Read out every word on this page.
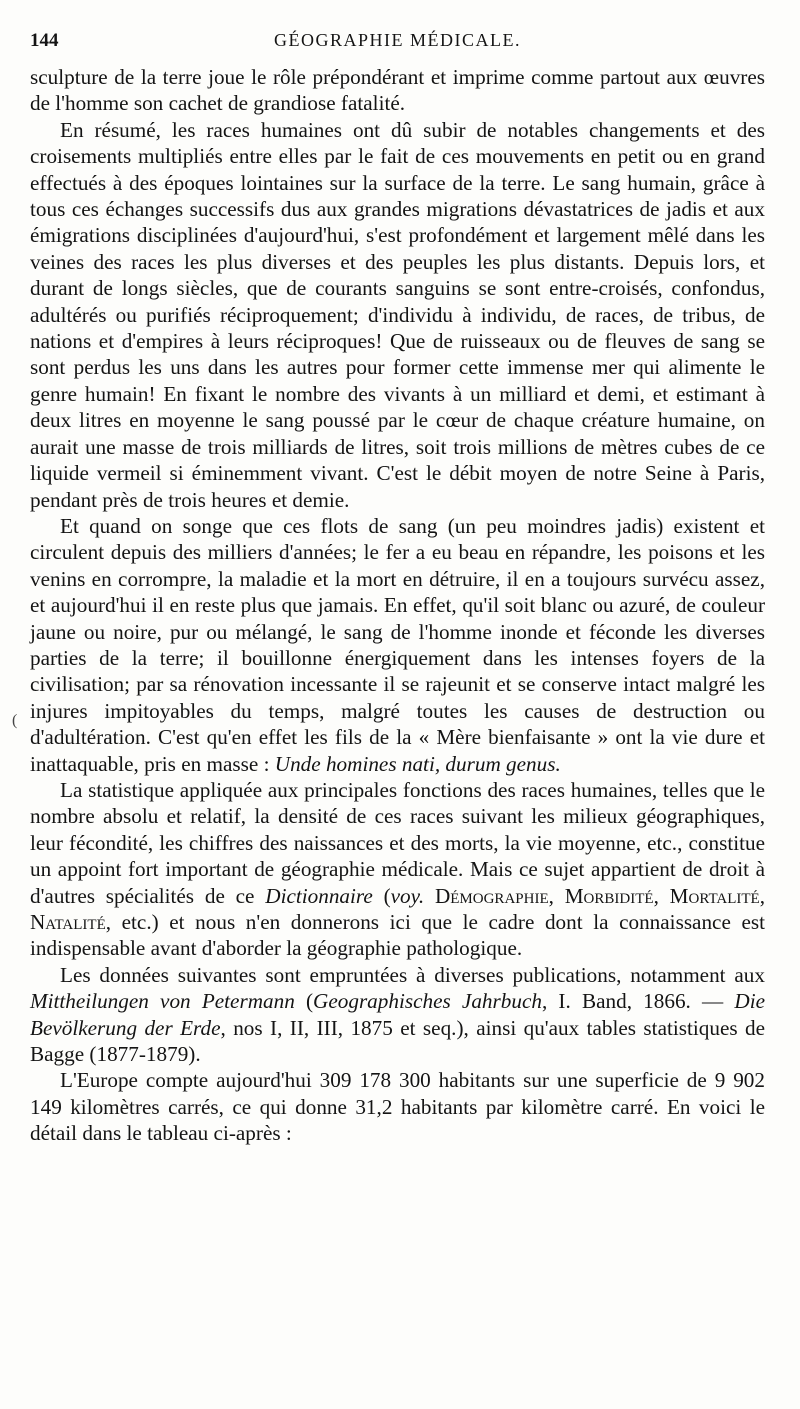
144	GÉOGRAPHIE MÉDICALE.

sculpture de la terre joue le rôle prépondérant et imprime comme partout aux œuvres de l'homme son cachet de grandiose fatalité.

En résumé, les races humaines ont dû subir de notables changements et des croisements multipliés entre elles par le fait de ces mouvements en petit ou en grand effectués à des époques lointaines sur la surface de la terre. Le sang humain, grâce à tous ces échanges successifs dus aux grandes migrations dévastatrices de jadis et aux émigrations disciplinées d'aujourd'hui, s'est profondément et largement mêlé dans les veines des races les plus diverses et des peuples les plus distants. Depuis lors, et durant de longs siècles, que de courants sanguins se sont entre-croisés, confondus, adultérés ou purifiés réciproquement; d'individu à individu, de races, de tribus, de nations et d'empires à leurs réciproques! Que de ruisseaux ou de fleuves de sang se sont perdus les uns dans les autres pour former cette immense mer qui alimente le genre humain! En fixant le nombre des vivants à un milliard et demi, et estimant à deux litres en moyenne le sang poussé par le cœur de chaque créature humaine, on aurait une masse de trois milliards de litres, soit trois millions de mètres cubes de ce liquide vermeil si éminemment vivant. C'est le débit moyen de notre Seine à Paris, pendant près de trois heures et demie.

Et quand on songe que ces flots de sang (un peu moindres jadis) existent et circulent depuis des milliers d'années; le fer a eu beau en répandre, les poisons et les venins en corrompre, la maladie et la mort en détruire, il en a toujours survécu assez, et aujourd'hui il en reste plus que jamais. En effet, qu'il soit blanc ou azuré, de couleur jaune ou noire, pur ou mélangé, le sang de l'homme inonde et féconde les diverses parties de la terre; il bouillonne énergiquement dans les intenses foyers de la civilisation; par sa rénovation incessante il se rajeunit et se conserve intact malgré les injures impitoyables du temps, malgré toutes les causes de destruction ou d'adultération. C'est qu'en effet les fils de la « Mère bienfaisante » ont la vie dure et inattaquable, pris en masse : Unde homines nati, durum genus.

La statistique appliquée aux principales fonctions des races humaines, telles que le nombre absolu et relatif, la densité de ces races suivant les milieux géographiques, leur fécondité, les chiffres des naissances et des morts, la vie moyenne, etc., constitue un appoint fort important de géographie médicale. Mais ce sujet appartient de droit à d'autres spécialités de ce Dictionnaire (voy. Démographie, Morbidité, Mortalité, Natalité, etc.) et nous n'en donnerons ici que le cadre dont la connaissance est indispensable avant d'aborder la géographie pathologique.

Les données suivantes sont empruntées à diverses publications, notamment aux Mittheilungen von Petermann (Geographisches Jahrbuch, I. Band, 1866. — Die Bevölkerung der Erde, nos I, II, III, 1875 et seq.), ainsi qu'aux tables statistiques de Bagge (1877-1879).

L'Europe compte aujourd'hui 309 178 300 habitants sur une superficie de 9 902 149 kilomètres carrés, ce qui donne 31,2 habitants par kilomètre carré. En voici le détail dans le tableau ci-après :

(
